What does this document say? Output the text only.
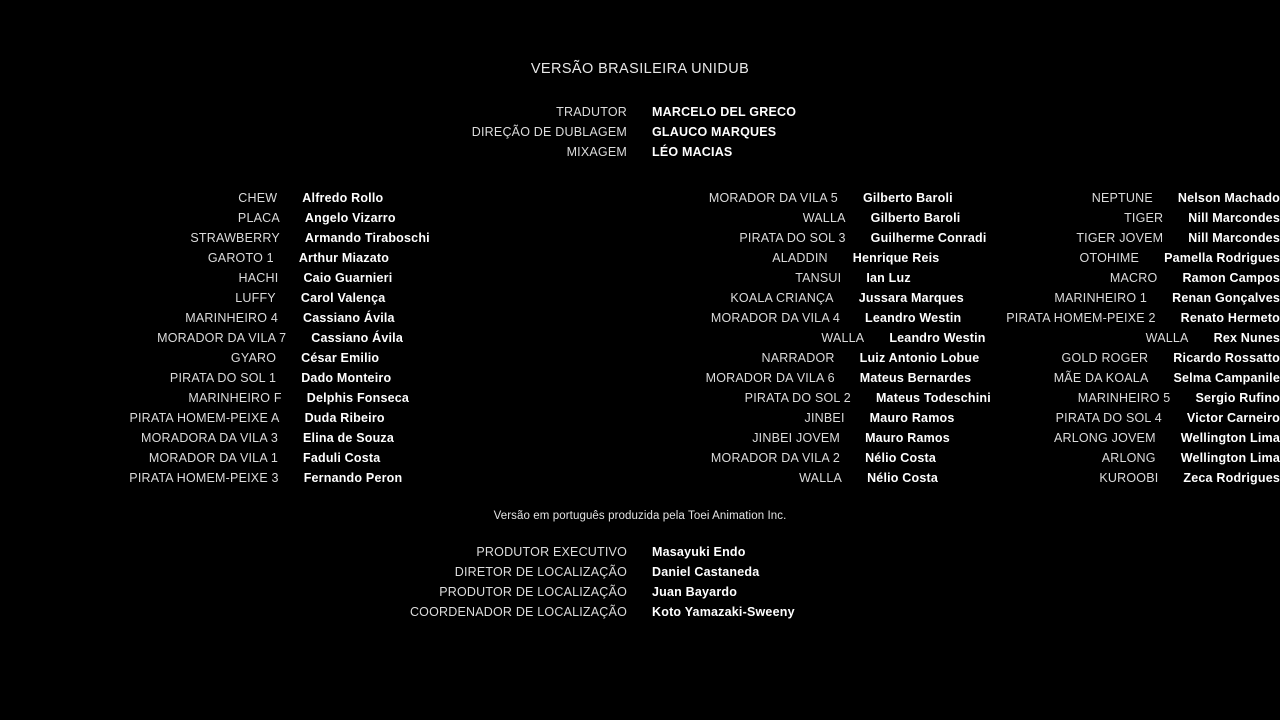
VERSÃO BRASILEIRA UNIDUB
TRADUTOR	MARCELO DEL GRECO
DIREÇÃO DE DUBLAGEM	GLAUCO MARQUES
MIXAGEM	LÉO MACIAS
CHEW	Alfredo Rollo	MORADOR DA VILA 5	Gilberto Baroli	NEPTUNE	Nelson Machado
PLACA	Angelo Vizarro	WALLA	Gilberto Baroli	TIGER	Nill Marcondes
STRAWBERRY	Armando Tiraboschi	PIRATA DO SOL 3	Guilherme Conradi	TIGER JOVEM	Nill Marcondes
GAROTO 1	Arthur Miazato	ALADDIN	Henrique Reis	OTOHIME	Pamella Rodrigues
HACHI	Caio Guarnieri	TANSUI	Ian Luz	MACRO	Ramon Campos
LUFFY	Carol Valença	KOALA CRIANÇA	Jussara Marques	MARINHEIRO 1	Renan Gonçalves
MARINHEIRO 4	Cassiano Ávila	MORADOR DA VILA 4	Leandro Westin	PIRATA HOMEM-PEIXE 2	Renato Hermeto
MORADOR DA VILA 7	Cassiano Ávila	WALLA	Leandro Westin	WALLA	Rex Nunes
GYARO	César Emilio	NARRADOR	Luiz Antonio Lobue	GOLD ROGER	Ricardo Rossatto
PIRATA DO SOL 1	Dado Monteiro	MORADOR DA VILA 6	Mateus Bernardes	MÃE DA KOALA	Selma Campanile
MARINHEIRO F	Delphis Fonseca	PIRATA DO SOL 2	Mateus Todeschini	MARINHEIRO 5	Sergio Rufino
PIRATA HOMEM-PEIXE A	Duda Ribeiro	JINBEI	Mauro Ramos	PIRATA DO SOL 4	Victor Carneiro
MORADORA DA VILA 3	Elina de Souza	JINBEI JOVEM	Mauro Ramos	ARLONG JOVEM	Wellington Lima
MORADOR DA VILA 1	Faduli Costa	MORADOR DA VILA 2	Nélio Costa	ARLONG	Wellington Lima
PIRATA HOMEM-PEIXE 3	Fernando Peron	WALLA	Nélio Costa	KUROOBI	Zeca Rodrigues
Versão em português produzida pela Toei Animation Inc.
PRODUTOR EXECUTIVO	Masayuki Endo
DIRETOR DE LOCALIZAÇÃO	Daniel Castaneda
PRODUTOR DE LOCALIZAÇÃO	Juan Bayardo
COORDENADOR DE LOCALIZAÇÃO	Koto Yamazaki-Sweeny
